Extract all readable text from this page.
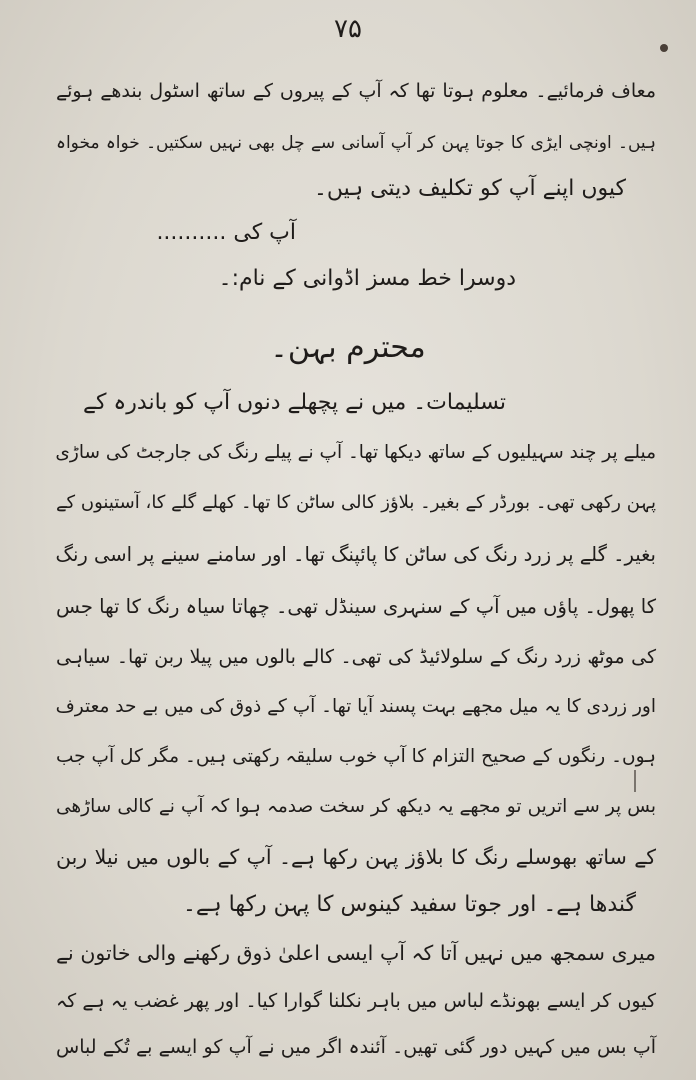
۷۵
معاف فرمائیے۔ معلوم ہوتا تھا کہ آپ کے پیروں کے ساتھ اسٹول بندھے ہوئے
ہیں۔ اونچی ایڑی کا جوتا پہن کر آپ آسانی سے چل بھی نہیں سکتیں۔ خواہ مخواہ
کیوں اپنے آپ کو تکلیف دیتی ہیں۔
آپ کی ..........
دوسرا خط مسز اڈوانی کے نام:۔
محترم بہن۔
تسلیمات۔ میں نے پچھلے دنوں آپ کو باندرہ کے
میلے پر چند سہیلیوں کے ساتھ دیکھا تھا۔ آپ نے پیلے رنگ کی جارجٹ کی ساڑی
پہن رکھی تھی۔ بورڈر کے بغیر۔ بلاؤز کالی ساٹن کا تھا۔ کھلے گلے کا، آستینوں کے
بغیر۔ گلے پر زرد رنگ کی ساٹن کا پائپنگ تھا۔ اور سامنے سینے پر اسی رنگ
کا پھول۔ پاؤں میں آپ کے سنہری سینڈل تھی۔ چھاتا سیاہ رنگ کا تھا جس
کی موٹھ زرد رنگ کے سلولائیڈ کی تھی۔ کالے بالوں میں پیلا ربن تھا۔ سیاہی
اور زردی کا یہ میل مجھے بہت پسند آیا تھا۔ آپ کے ذوق کی میں بے حد معترف
ہوں۔ رنگوں کے صحیح التزام کا آپ خوب سلیقہ رکھتی ہیں۔ مگر کل آپ جب
بس پر سے اتریں تو مجھے یہ دیکھ کر سخت صدمہ ہوا کہ آپ نے کالی ساڑھی
کے ساتھ بھوسلے رنگ کا بلاؤز پہن رکھا ہے۔ آپ کے بالوں میں نیلا ربن
گندھا ہے۔ اور جوتا سفید کینوس کا پہن رکھا ہے۔
میری سمجھ میں نہیں آتا کہ آپ ایسی اعلیٰ ذوق رکھنے والی خاتون نے
کیوں کر ایسے بھونڈے لباس میں باہر نکلنا گوارا کیا۔ اور پھر غضب یہ ہے کہ
آپ بس میں کہیں دور گئی تھیں۔ آئندہ اگر میں نے آپ کو ایسے بے تُکے لباس
